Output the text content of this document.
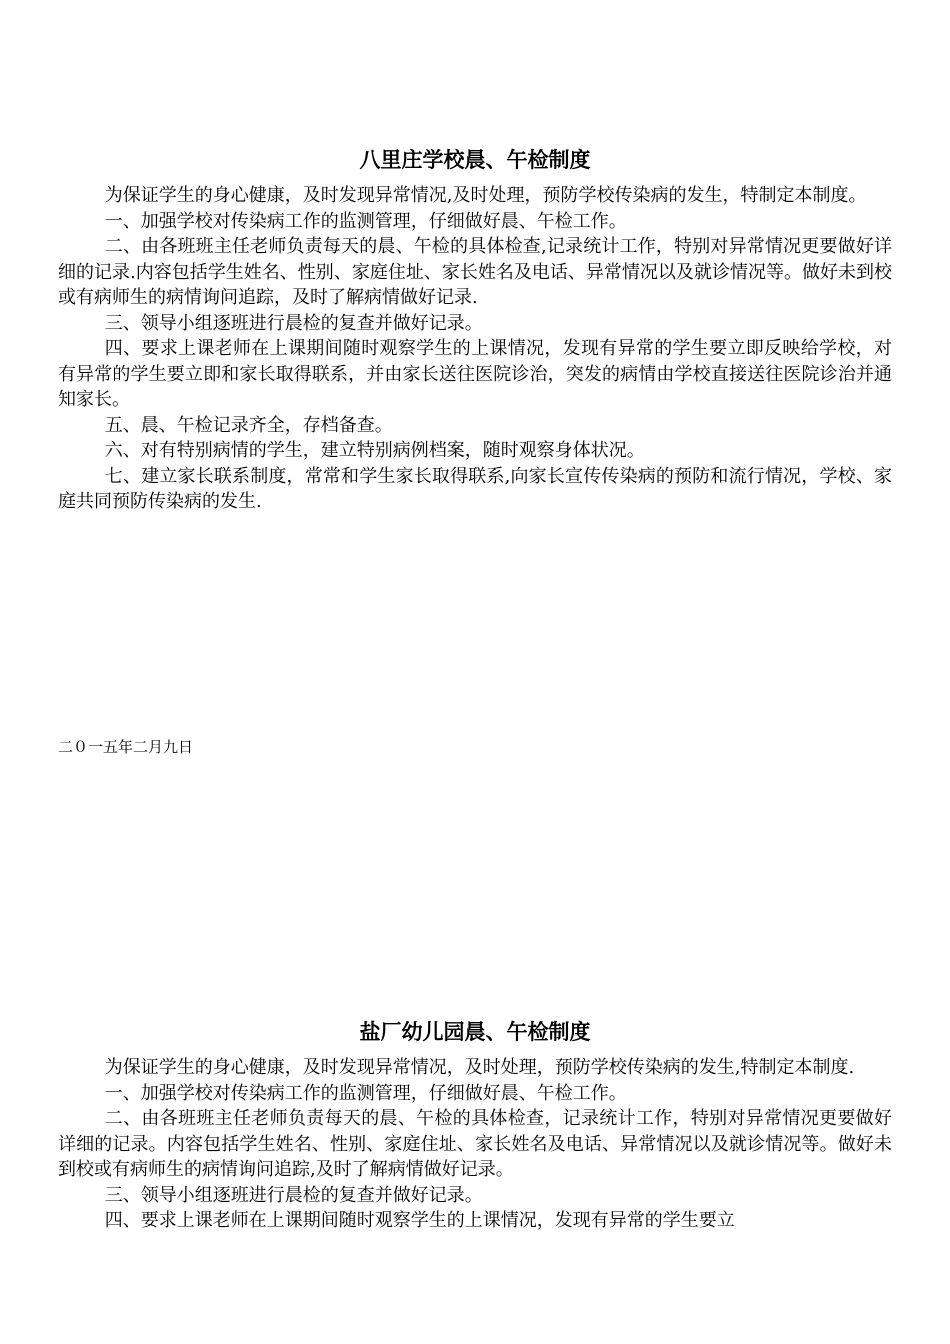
八里庄学校晨、午检制度

为保证学生的身心健康，及时发现异常情况,及时处理，预防学校传染病的发生，特制定本制度。

一、加强学校对传染病工作的监测管理，仔细做好晨、午检工作。

二、由各班班主任老师负责每天的晨、午检的具体检查,记录统计工作，特别对异常情况更要做好详细的记录.内容包括学生姓名、性别、家庭住址、家长姓名及电话、异常情况以及就诊情况等。做好未到校或有病师生的病情询问追踪，及时了解病情做好记录.

三、领导小组逐班进行晨检的复查并做好记录。

四、要求上课老师在上课期间随时观察学生的上课情况，发现有异常的学生要立即反映给学校，对有异常的学生要立即和家长取得联系，并由家长送往医院诊治，突发的病情由学校直接送往医院诊治并通知家长。

五、晨、午检记录齐全，存档备查。

六、对有特别病情的学生，建立特别病例档案，随时观察身体状况。

七、建立家长联系制度，常常和学生家长取得联系,向家长宣传传染病的预防和流行情况，学校、家庭共同预防传染病的发生.

二０一五年二月九日

盐厂幼儿园晨、午检制度

为保证学生的身心健康，及时发现异常情况，及时处理，预防学校传染病的发生,特制定本制度.

一、加强学校对传染病工作的监测管理，仔细做好晨、午检工作。

二、由各班班主任老师负责每天的晨、午检的具体检查，记录统计工作，特别对异常情况更要做好详细的记录。内容包括学生姓名、性别、家庭住址、家长姓名及电话、异常情况以及就诊情况等。做好未到校或有病师生的病情询问追踪,及时了解病情做好记录。

三、领导小组逐班进行晨检的复查并做好记录。

四、要求上课老师在上课期间随时观察学生的上课情况，发现有异常的学生要立
